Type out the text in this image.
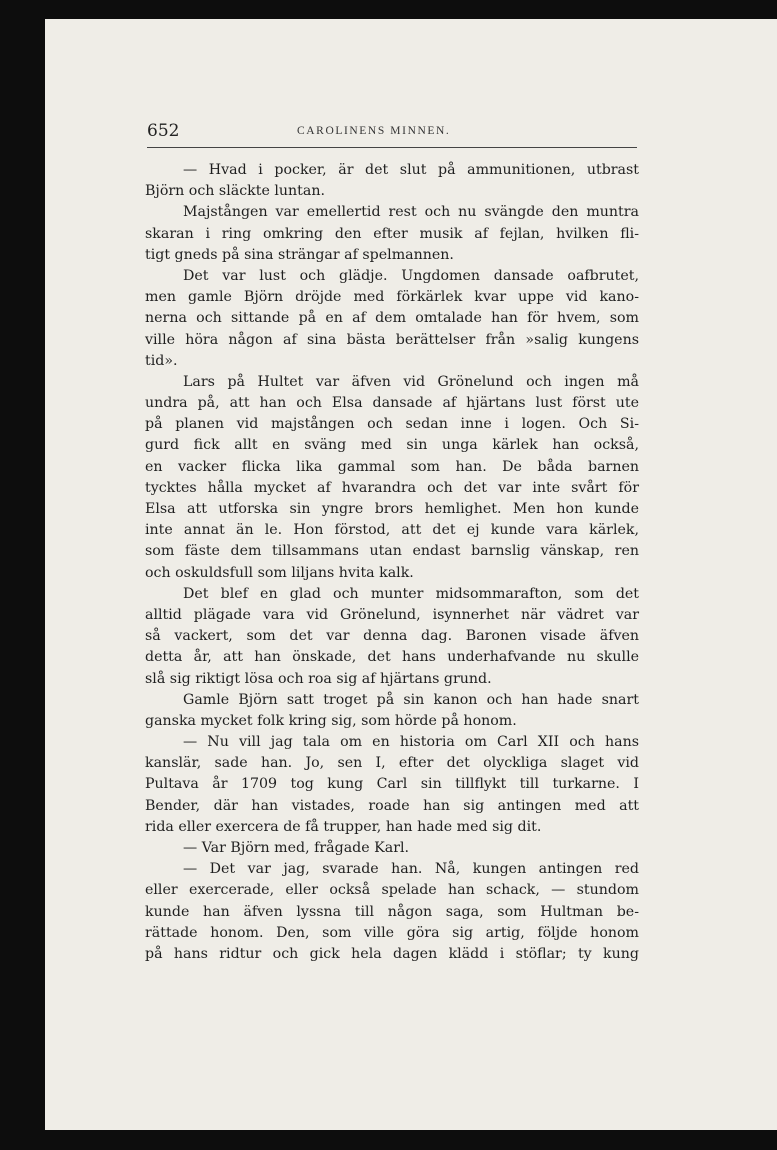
652	CAROLINENS MINNEN.
— Hvad i pocker, är det slut på ammunitionen, utbrast
Björn och släckte luntan.
Majstången var emellertid rest och nu svängde den muntra
skaran i ring omkring den efter musik af fejlan, hvilken fli-
tigt gneds på sina strängar af spelmannen.
Det var lust och glädje. Ungdomen dansade oafbrutet,
men gamle Björn dröjde med förkärlek kvar uppe vid kano-
nerna och sittande på en af dem omtalade han för hvem, som
ville höra någon af sina bästa berättelser från »salig kungens
tid».
Lars på Hultet var äfven vid Grönelund och ingen må
undra på, att han och Elsa dansade af hjärtans lust först ute
på planen vid majstången och sedan inne i logen. Och Si-
gurd fick allt en sväng med sin unga kärlek han också,
en vacker flicka lika gammal som han. De båda barnen
tycktes hålla mycket af hvarandra och det var inte svårt för
Elsa att utforska sin yngre brors hemlighet. Men hon kunde
inte annat än le. Hon förstod, att det ej kunde vara kärlek,
som fäste dem tillsammans utan endast barnslig vänskap, ren
och oskuldsfull som liljans hvita kalk.
Det blef en glad och munter midsommarafton, som det
alltid plägade vara vid Grönelund, isynnerhet när vädret var
så vackert, som det var denna dag. Baronen visade äfven
detta år, att han önskade, det hans underhafvande nu skulle
slå sig riktigt lösa och roa sig af hjärtans grund.
Gamle Björn satt troget på sin kanon och han hade snart
ganska mycket folk kring sig, som hörde på honom.
— Nu vill jag tala om en historia om Carl XII och hans
kanslär, sade han. Jo, sen I, efter det olyckliga slaget vid
Pultava år 1709 tog kung Carl sin tillflykt till turkarne. I
Bender, där han vistades, roade han sig antingen med att
rida eller exercera de få trupper, han hade med sig dit.
— Var Björn med, frågade Karl.
— Det var jag, svarade han. Nå, kungen antingen red
eller exercerade, eller också spelade han schack, — stundom
kunde han äfven lyssna till någon saga, som Hultman be-
rättade honom. Den, som ville göra sig artig, följde honom
på hans ridtur och gick hela dagen klädd i stöflar; ty kung
